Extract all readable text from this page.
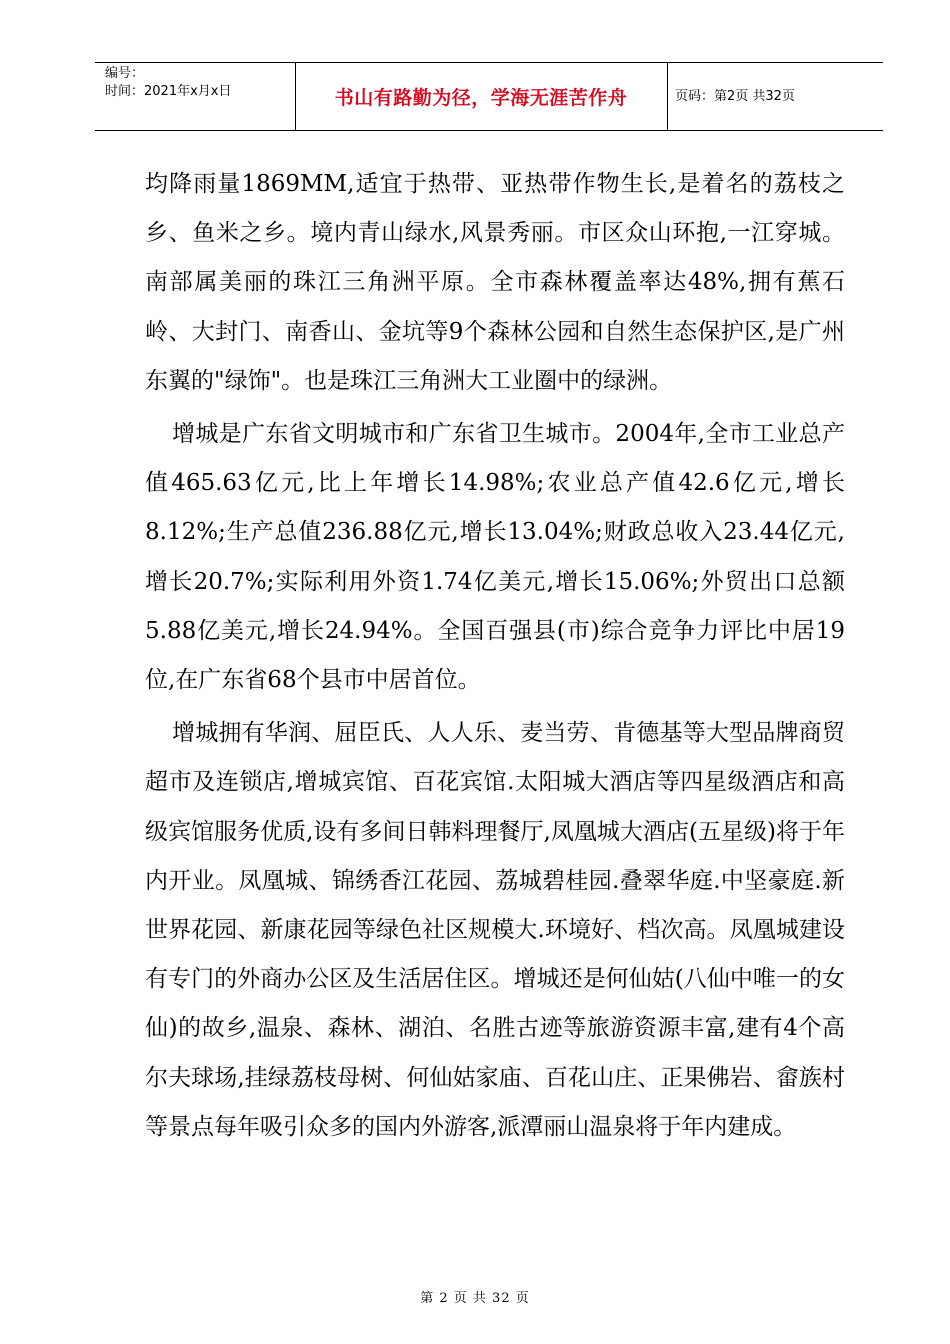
编号：
时间：2021年x月x日	书山有路勤为径，学海无涯苦作舟	页码：第2页 共32页

均降雨量1869MM,适宜于热带、亚热带作物生长,是着名的荔枝之乡、鱼米之乡。境内青山绿水,风景秀丽。市区众山环抱,一江穿城。南部属美丽的珠江三角洲平原。全市森林覆盖率达48%,拥有蕉石岭、大封门、南香山、金坑等9个森林公园和自然生态保护区,是广州东翼的"绿饰"。也是珠江三角洲大工业圈中的绿洲。

增城是广东省文明城市和广东省卫生城市。2004年,全市工业总产值465.63亿元,比上年增长14.98%;农业总产值42.6亿元,增长8.12%;生产总值236.88亿元,增长13.04%;财政总收入23.44亿元,增长20.7%;实际利用外资1.74亿美元,增长15.06%;外贸出口总额5.88亿美元,增长24.94%。全国百强县(市)综合竞争力评比中居19位,在广东省68个县市中居首位。

增城拥有华润、屈臣氏、人人乐、麦当劳、肯德基等大型品牌商贸超市及连锁店,增城宾馆、百花宾馆.太阳城大酒店等四星级酒店和高级宾馆服务优质,设有多间日韩料理餐厅,凤凰城大酒店(五星级)将于年内开业。凤凰城、锦绣香江花园、荔城碧桂园.叠翠华庭.中坚豪庭.新世界花园、新康花园等绿色社区规模大.环境好、档次高。凤凰城建设有专门的外商办公区及生活居住区。增城还是何仙姑(八仙中唯一的女仙)的故乡,温泉、森林、湖泊、名胜古迹等旅游资源丰富,建有4个高尔夫球场,挂绿荔枝母树、何仙姑家庙、百花山庄、正果佛岩、畲族村等景点每年吸引众多的国内外游客,派潭丽山温泉将于年内建成。

第 2 页 共 32 页
